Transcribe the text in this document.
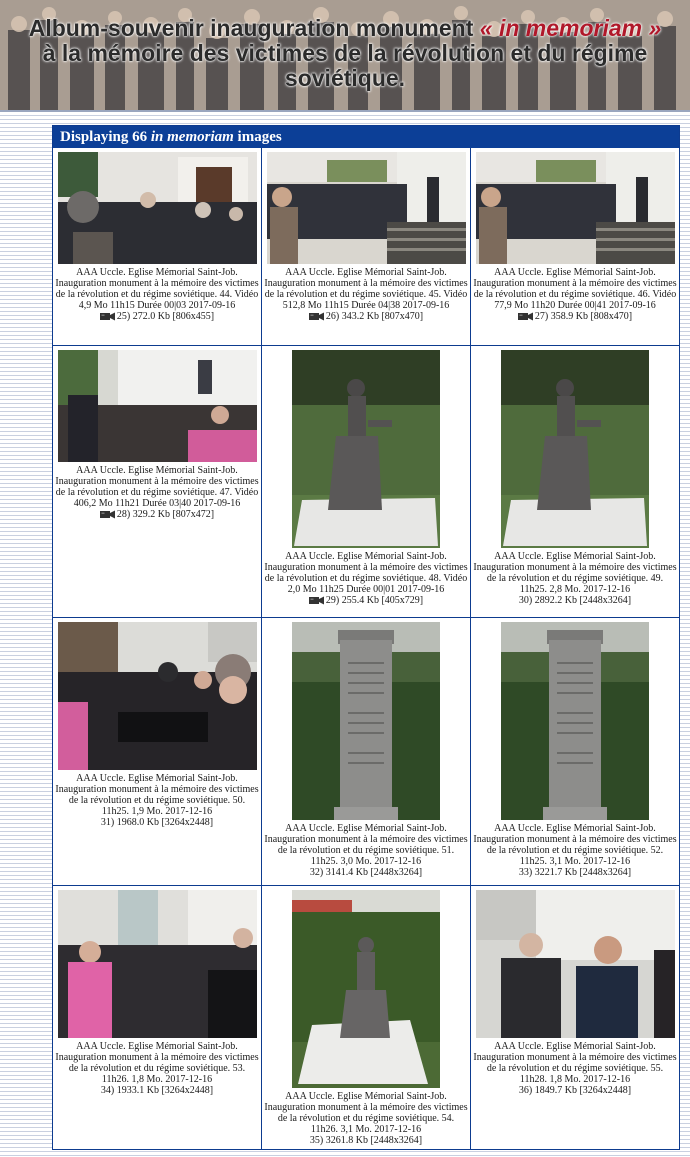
Album-souvenir inauguration monument « in memoriam »
à la mémoire des victimes de la révolution et du régime soviétique.
Displaying 66 in memoriam images
AAA Uccle. Eglise Mémorial Saint-Job. Inauguration monument à la mémoire des victimes de la révolution et du régime soviétique. 44. Vidéo 4,9 Mo 11h15 Durée 00|03 2017-09-16
25) 272.0 Kb [806x455]
AAA Uccle. Eglise Mémorial Saint-Job. Inauguration monument à la mémoire des victimes de la révolution et du régime soviétique. 45. Vidéo 512,8 Mo 11h15 Durée 04|38 2017-09-16
26) 343.2 Kb [807x470]
AAA Uccle. Eglise Mémorial Saint-Job. Inauguration monument à la mémoire des victimes de la révolution et du régime soviétique. 46. Vidéo 77,9 Mo 11h20 Durée 00|41 2017-09-16
27) 358.9 Kb [808x470]
AAA Uccle. Eglise Mémorial Saint-Job. Inauguration monument à la mémoire des victimes de la révolution et du régime soviétique. 47. Vidéo 406,2 Mo 11h21 Durée 03|40 2017-09-16
28) 329.2 Kb [807x472]
AAA Uccle. Eglise Mémorial Saint-Job. Inauguration monument à la mémoire des victimes de la révolution et du régime soviétique. 48. Vidéo 2,0 Mo 11h25 Durée 00|01 2017-09-16
29) 255.4 Kb [405x729]
AAA Uccle. Eglise Mémorial Saint-Job. Inauguration monument à la mémoire des victimes de la révolution et du régime soviétique. 49. 11h25. 2,8 Mo. 2017-12-16
30) 2892.2 Kb [2448x3264]
AAA Uccle. Eglise Mémorial Saint-Job. Inauguration monument à la mémoire des victimes de la révolution et du régime soviétique. 50. 11h25. 1,9 Mo. 2017-12-16
31) 1968.0 Kb [3264x2448]
AAA Uccle. Eglise Mémorial Saint-Job. Inauguration monument à la mémoire des victimes de la révolution et du régime soviétique. 51. 11h25. 3,0 Mo. 2017-12-16
32) 3141.4 Kb [2448x3264]
AAA Uccle. Eglise Mémorial Saint-Job. Inauguration monument à la mémoire des victimes de la révolution et du régime soviétique. 52. 11h25. 3,1 Mo. 2017-12-16
33) 3221.7 Kb [2448x3264]
AAA Uccle. Eglise Mémorial Saint-Job. Inauguration monument à la mémoire des victimes de la révolution et du régime soviétique. 53. 11h26. 1,8 Mo. 2017-12-16
34) 1933.1 Kb [3264x2448]
AAA Uccle. Eglise Mémorial Saint-Job. Inauguration monument à la mémoire des victimes de la révolution et du régime soviétique. 54. 11h26. 3,1 Mo. 2017-12-16
35) 3261.8 Kb [2448x3264]
AAA Uccle. Eglise Mémorial Saint-Job. Inauguration monument à la mémoire des victimes de la révolution et du régime soviétique. 55. 11h28. 1,8 Mo. 2017-12-16
36) 1849.7 Kb [3264x2448]
